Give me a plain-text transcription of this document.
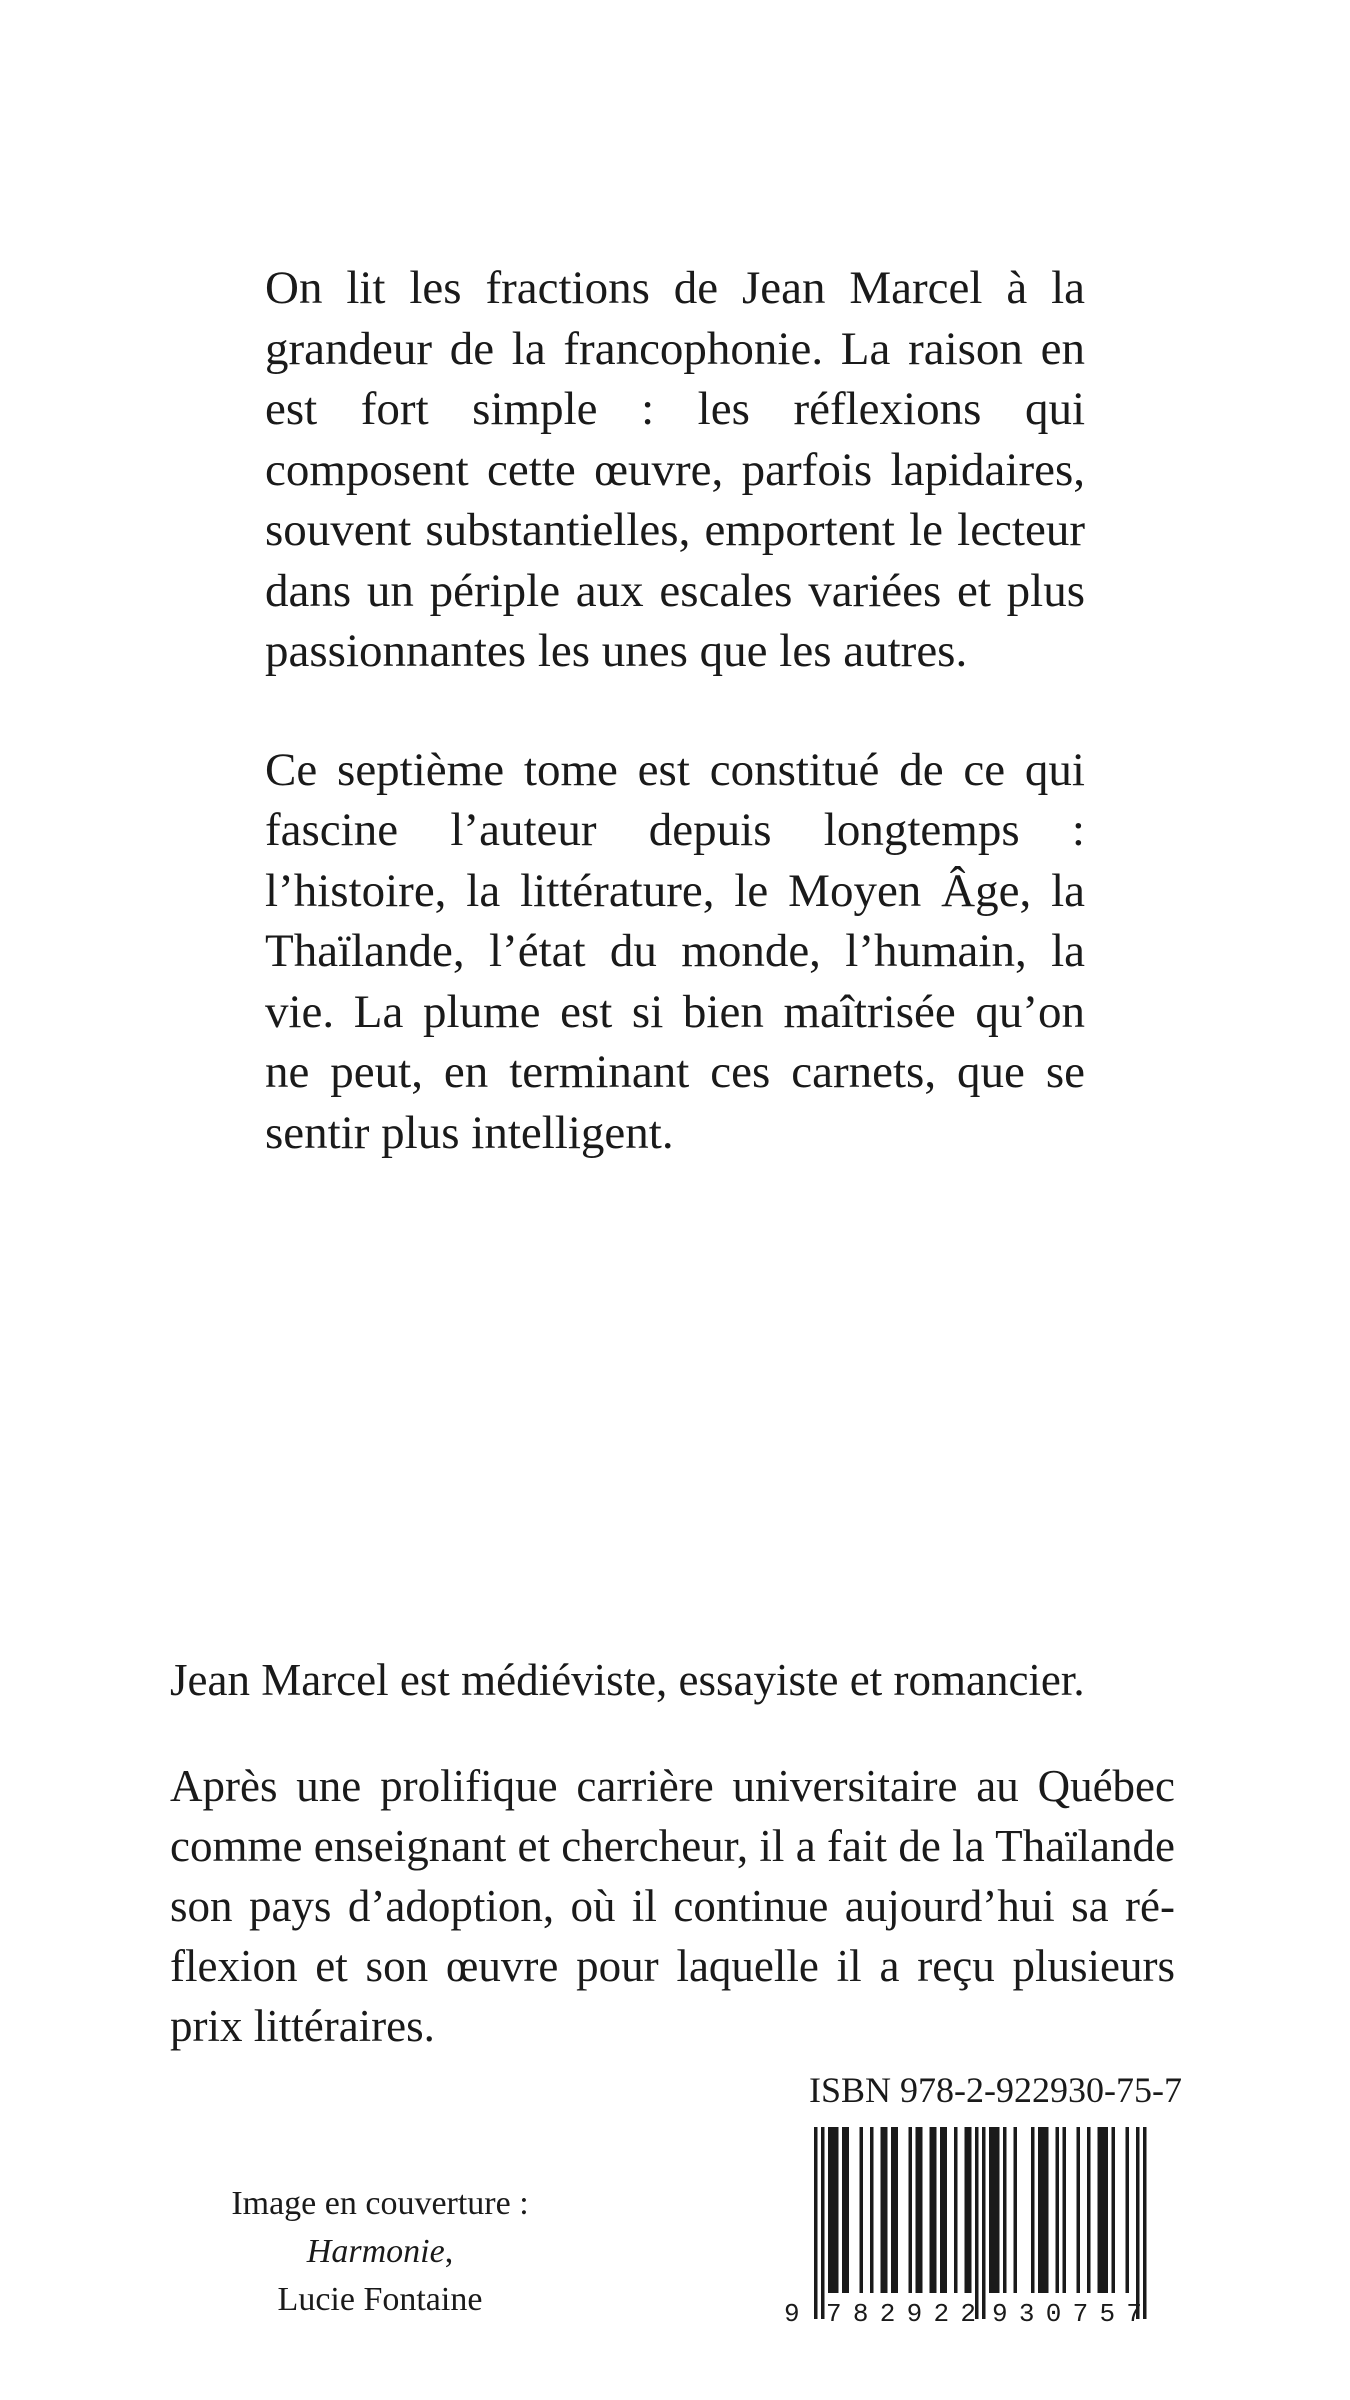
On lit les fractions de Jean Marcel à la grandeur de la francophonie. La raison en est fort simple : les réflexions qui composent cette œuvre, parfois lapidaires, souvent substantielles, emportent le lecteur dans un périple aux escales variées et plus passionnantes les unes que les autres.

Ce septième tome est constitué de ce qui fascine l’auteur depuis longtemps : l’histoire, la littérature, le Moyen Âge, la Thaïlande, l’état du monde, l’humain, la vie. La plume est si bien maîtrisée qu’on ne peut, en terminant ces carnets, que se sentir plus intelligent.

Jean Marcel est médiéviste, essayiste et romancier.

Après une prolifique carrière universitaire au Québec comme enseignant et chercheur, il a fait de la Thaïlande son pays d’adoption, où il continue aujourd’hui sa réflexion et son œuvre pour laquelle il a reçu plusieurs prix littéraires.

Image en couverture :
Harmonie,
Lucie Fontaine
ISBN 978-2-922930-75-7
9 782922 930757
